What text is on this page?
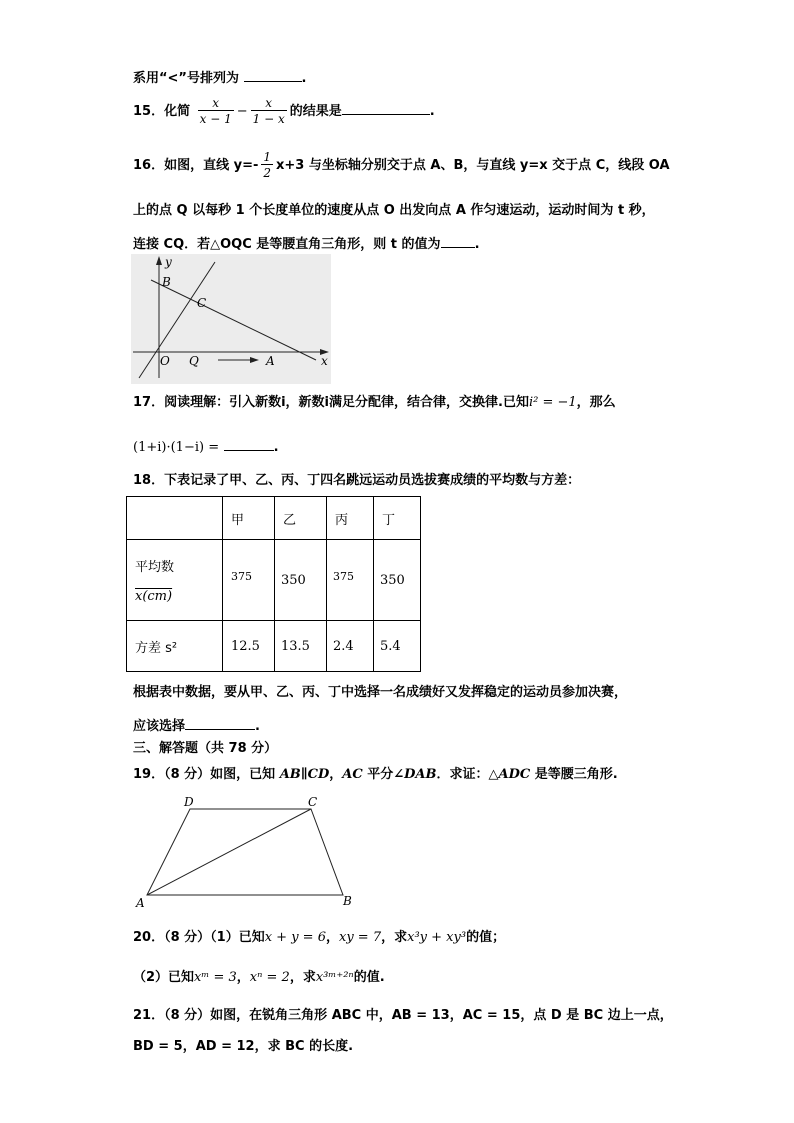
系用“<”号排列为	.
15．化简 $\frac{x}{x - 1} - \frac{x}{1 - x}$ 的结果是	.
16．如图，直线 $y=- \frac{1}{2} x+3$ 与坐标轴分别交于点 A、B，与直线 y=x 交于点 C，线段 OA
上的点 Q 以每秒 1 个长度单位的速度从点 O 出发向点 A 作匀速运动，运动时间为 t 秒，
连接 CQ．若△OQC 是等腰直角三角形，则 t 的值为	.
y
x
B
C
O Q	A
17．阅读理解：引入新数i，新数i满足分配律，结合律，交换律.已知i² = −1，那么
(1+i)·(1−i) =	.
18．下表记录了甲、乙、丙、丁四名跳远运动员选拔赛成绩的平均数与方差：
	甲	乙	丙	丁

平均数
x(cm)	375	350	375	350
方差 s²	12.5	13.5	2.4	5.4
根据表中数据，要从甲、乙、丙、丁中选择一名成绩好又发挥稳定的运动员参加决赛，
应该选择	.
三、解答题（共 78 分）
19．（8 分）如图，已知 AB∥CD，AC 平分∠DAB．求证：△ADC 是等腰三角形.
D	C
A	B
20．（8 分）（1）已知x + y = 6，xy = 7，求x³y + xy³的值；
（2）已知xᵐ = 3，xⁿ = 2，求x³ᵐ⁺²ⁿ的值.
21．（8 分）如图，在锐角三角形 ABC 中，AB = 13，AC = 15，点 D 是 BC 边上一点，
BD = 5，AD = 12，求 BC 的长度.
